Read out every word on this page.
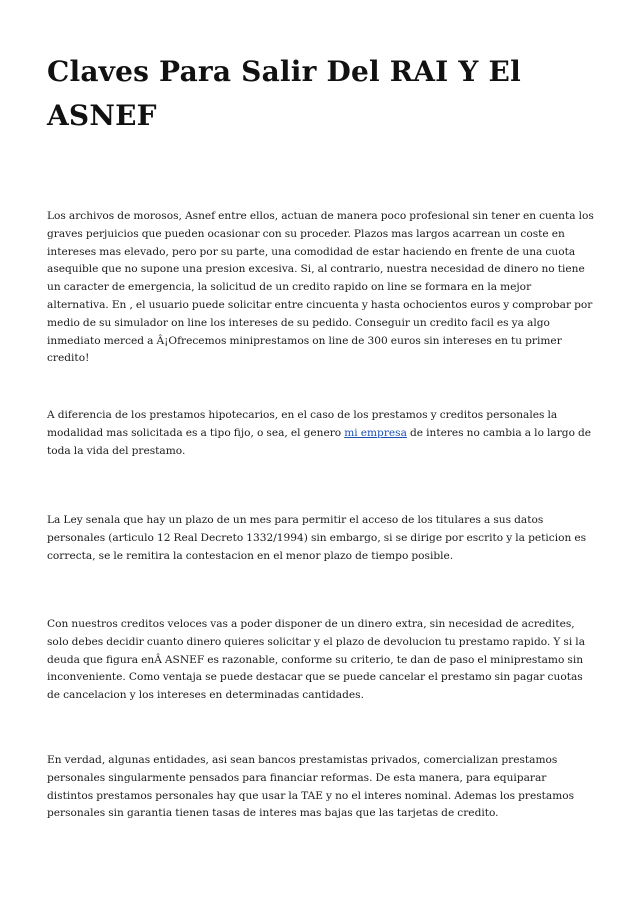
Claves Para Salir Del RAI Y El ASNEF

Los archivos de morosos, Asnef entre ellos, actuan de manera poco profesional sin tener en cuenta los graves perjuicios que pueden ocasionar con su proceder. Plazos mas largos acarrean un coste en intereses mas elevado, pero por su parte, una comodidad de estar haciendo en frente de una cuota asequible que no supone una presion excesiva. Si, al contrario, nuestra necesidad de dinero no tiene un caracter de emergencia, la solicitud de un credito rapido on line se formara en la mejor alternativa. En , el usuario puede solicitar entre cincuenta y hasta ochocientos euros y comprobar por medio de su simulador on line los intereses de su pedido. Conseguir un credito facil es ya algo inmediato merced a Â¡Ofrecemos miniprestamos on line de 300 euros sin intereses en tu primer credito!

A diferencia de los prestamos hipotecarios, en el caso de los prestamos y creditos personales la modalidad mas solicitada es a tipo fijo, o sea, el genero mi empresa de interes no cambia a lo largo de toda la vida del prestamo.

La Ley senala que hay un plazo de un mes para permitir el acceso de los titulares a sus datos personales (articulo 12 Real Decreto 1332/1994) sin embargo, si se dirige por escrito y la peticion es correcta, se le remitira la contestacion en el menor plazo de tiempo posible.

Con nuestros creditos veloces vas a poder disponer de un dinero extra, sin necesidad de acredites, solo debes decidir cuanto dinero quieres solicitar y el plazo de devolucion tu prestamo rapido. Y si la deuda que figura enÂ ASNEF es razonable, conforme su criterio, te dan de paso el miniprestamo sin inconveniente. Como ventaja se puede destacar que se puede cancelar el prestamo sin pagar cuotas de cancelacion y los intereses en determinadas cantidades.

En verdad, algunas entidades, asi sean bancos prestamistas privados, comercializan prestamos personales singularmente pensados para financiar reformas. De esta manera, para equiparar distintos prestamos personales hay que usar la TAE y no el interes nominal. Ademas los prestamos personales sin garantia tienen tasas de interes mas bajas que las tarjetas de credito.
